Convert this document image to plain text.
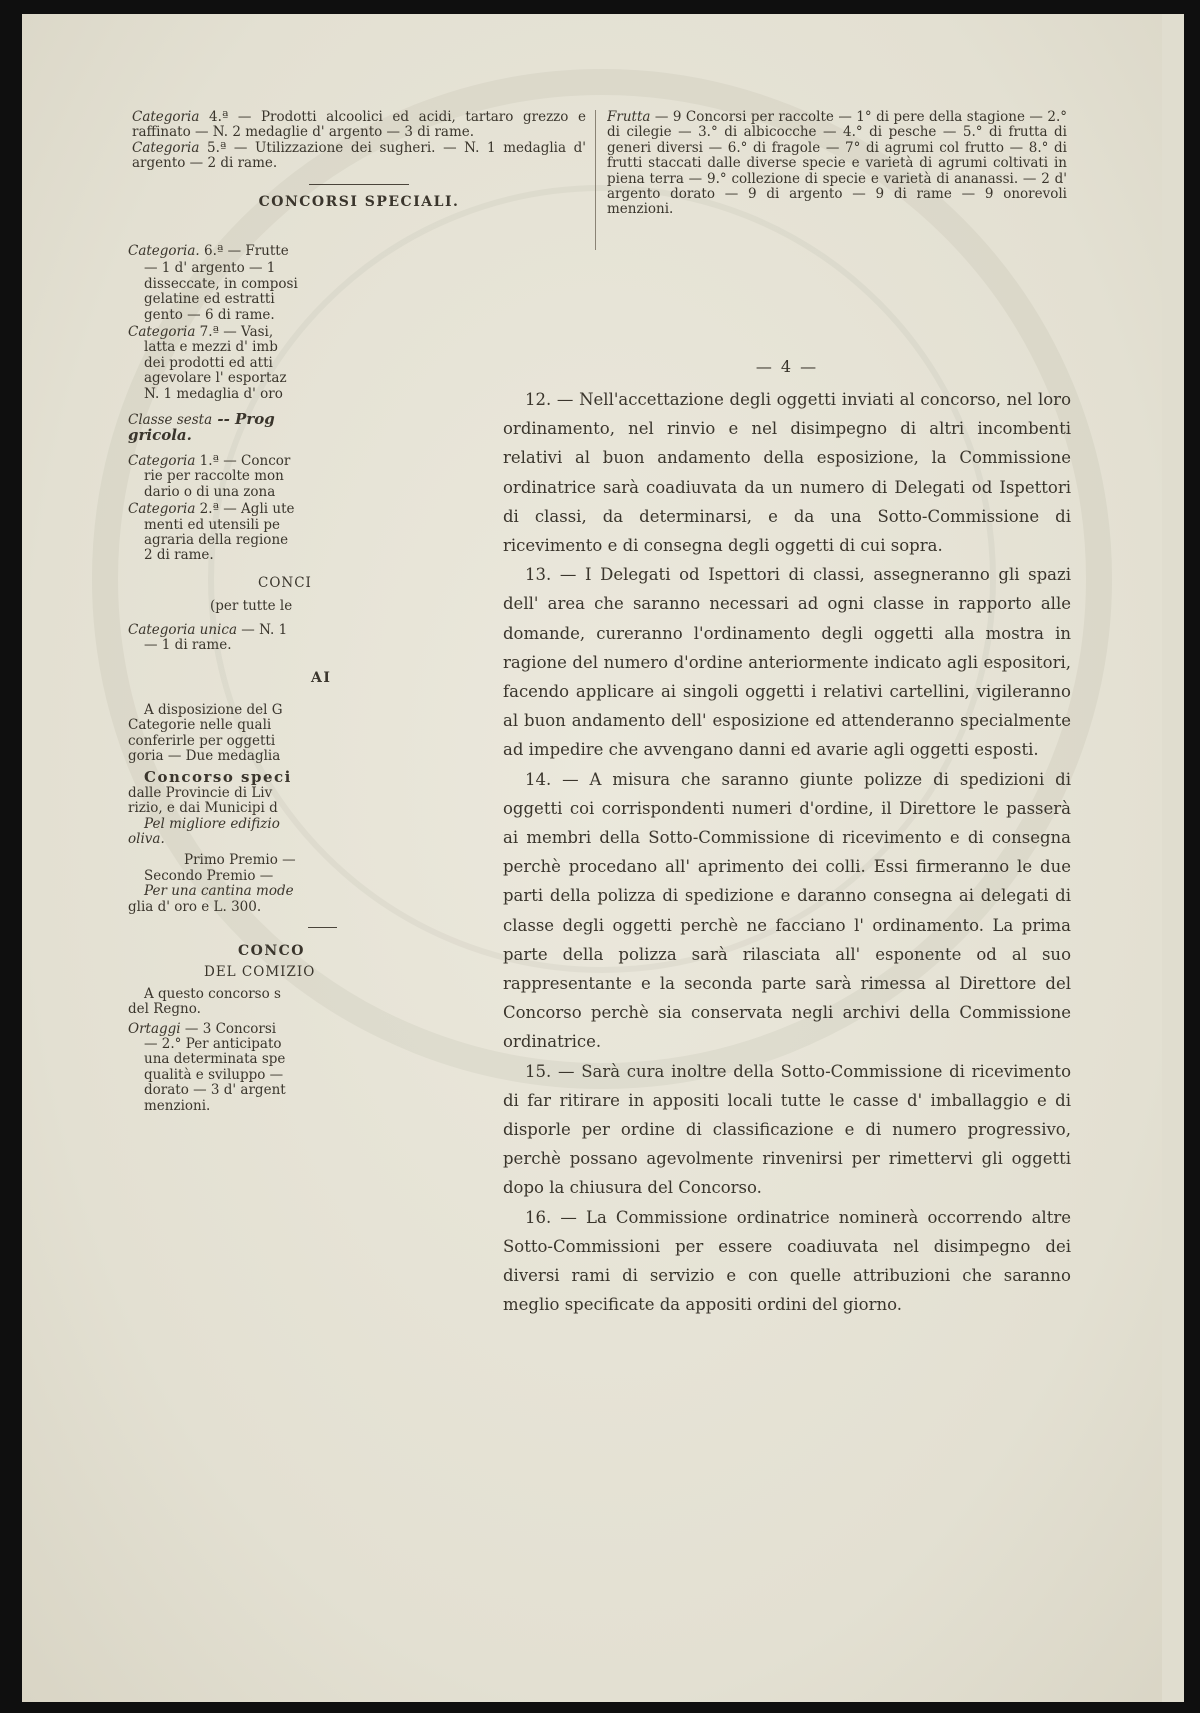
Categoria 4.ª — Prodotti alcoolici ed acidi, tartaro grezzo e raffinato — N. 2 medaglie d' argento — 3 di rame.

Categoria 5.ª — Utilizzazione dei sugheri. — N. 1 medaglia d' argento — 2 di rame.

CONCORSI SPECIALI.

Frutta — 9 Concorsi per raccolte — 1° di pere della stagione — 2.° di cilegie — 3.° di albicocche — 4.° di pesche — 5.° di frutta di generi diversi — 6.° di fragole — 7° di agrumi col frutto — 8.° di frutti staccati dalle diverse specie e varietà di agrumi coltivati in piena terra — 9.° collezione di specie e varietà di ananassi. — 2 d' argento dorato — 9 di argento — 9 di rame — 9 onorevoli menzioni.

Categoria. 6.ª — Frutte

— 1 d' argento — 1

disseccate, in composi

gelatine ed estratti

gento — 6 di rame.

Categoria 7.ª — Vasi,

latta e mezzi d' imb

dei prodotti ed atti

agevolare l' esportaz

N. 1 medaglia d' oro

Classe sesta -- Prog

gricola.

Categoria 1.ª — Concor

rie per raccolte mon

dario o di una zona

Categoria 2.ª — Agli ute

menti ed utensili pe

agraria della regione

2 di rame.

CONCI

(per tutte le

Categoria unica — N. 1

— 1 di rame.

AI

A disposizione del G

Categorie nelle quali

conferirle per oggetti

goria — Due medaglia

Concorso speci

dalle Provincie di Liv

rizio, e dai Municipi d

Pel migliore edifizio

oliva.

Primo Premio —

Secondo Premio —

Per una cantina mode

glia d' oro e L. 300.

CONCO

DEL COMIZIO

A questo concorso s

del Regno.

Ortaggi — 3 Concorsi

— 2.° Per anticipato

una determinata spe

qualità e sviluppo —

dorato — 3 d' argent

menzioni.

— 4 —

12. — Nell'accettazione degli oggetti inviati al concorso, nel loro ordinamento, nel rinvio e nel disimpegno di altri incombenti relativi al buon andamento della esposizione, la Commissione ordinatrice sarà coadiuvata da un numero di Delegati od Ispettori di classi, da determinarsi, e da una Sotto-Commissione di ricevimento e di consegna degli oggetti di cui sopra.

13. — I Delegati od Ispettori di classi, assegneranno gli spazi dell' area che saranno necessari ad ogni classe in rapporto alle domande, cureranno l'ordinamento degli oggetti alla mostra in ragione del numero d'ordine anteriormente indicato agli espositori, facendo applicare ai singoli oggetti i relativi cartellini, vigileranno al buon andamento dell' esposizione ed attenderanno specialmente ad impedire che avvengano danni ed avarie agli oggetti esposti.

14. — A misura che saranno giunte polizze di spedizioni di oggetti coi corrispondenti numeri d'ordine, il Direttore le passerà ai membri della Sotto-Commissione di ricevimento e di consegna perchè procedano all' aprimento dei colli. Essi firmeranno le due parti della polizza di spedizione e daranno consegna ai delegati di classe degli oggetti perchè ne facciano l' ordinamento. La prima parte della polizza sarà rilasciata all' esponente od al suo rappresentante e la seconda parte sarà rimessa al Direttore del Concorso perchè sia conservata negli archivi della Commissione ordinatrice.

15. — Sarà cura inoltre della Sotto-Commissione di ricevimento di far ritirare in appositi locali tutte le casse d' imballaggio e di disporle per ordine di classificazione e di numero progressivo, perchè possano agevolmente rinvenirsi per rimettervi gli oggetti dopo la chiusura del Concorso.

16. — La Commissione ordinatrice nominerà occorrendo altre Sotto-Commissioni per essere coadiuvata nel disimpegno dei diversi rami di servizio e con quelle attribuzioni che saranno meglio specificate da appositi ordini del giorno.
